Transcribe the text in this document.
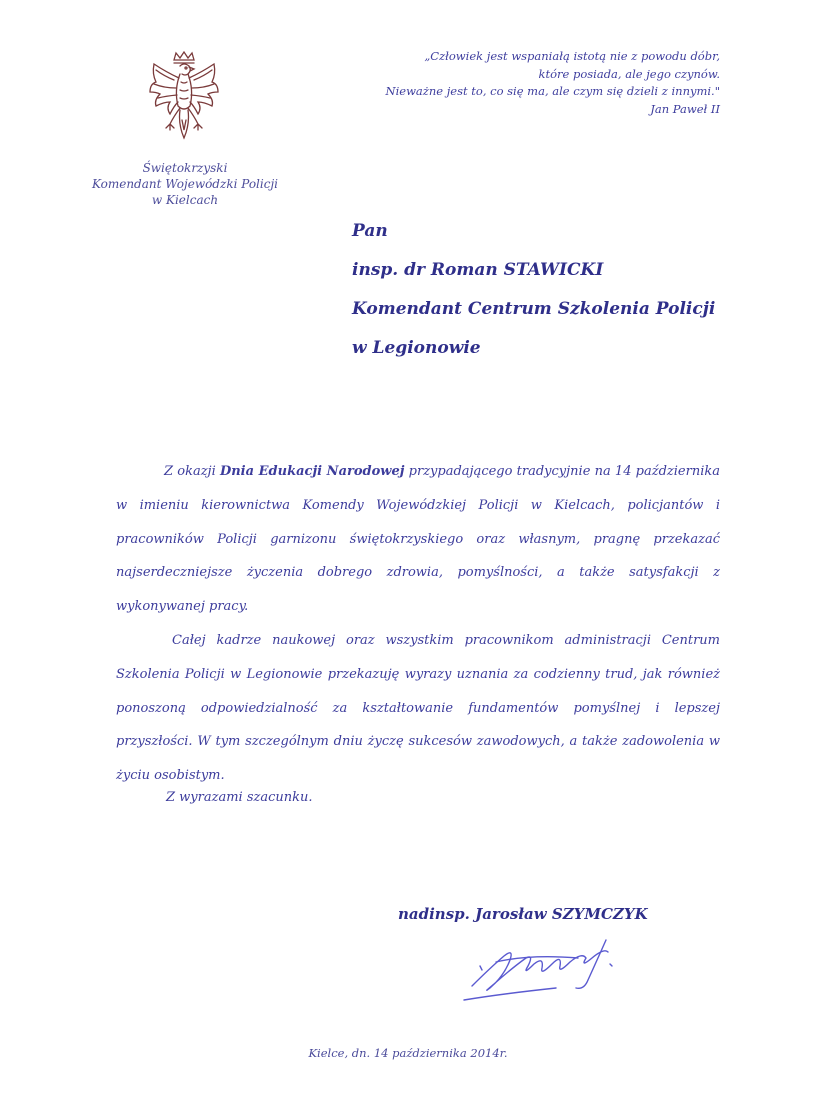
Świętokrzyski
Komendant Wojewódzki Policji
w Kielcach
„Człowiek jest wspaniałą istotą nie z powodu dóbr,
które posiada, ale jego czynów.
Nieważne jest to, co się ma, ale czym się dzieli z innymi."
Jan Paweł II
Pan
insp. dr Roman STAWICKI
Komendant Centrum Szkolenia Policji
w Legionowie

Z okazji Dnia Edukacji Narodowej przypadającego tradycyjnie na 14 października w imieniu kierownictwa Komendy Wojewódzkiej Policji w Kielcach, policjantów i pracowników Policji garnizonu świętokrzyskiego oraz własnym, pragnę przekazać najserdeczniejsze życzenia dobrego zdrowia, pomyślności, a także satysfakcji z wykonywanej pracy.

Całej kadrze naukowej oraz wszystkim pracownikom administracji Centrum Szkolenia Policji w Legionowie przekazuję wyrazy uznania za codzienny trud, jak również ponoszoną odpowiedzialność za kształtowanie fundamentów pomyślnej i lepszej przyszłości. W tym szczególnym dniu życzę sukcesów zawodowych, a także zadowolenia w życiu osobistym.

Z wyrazami szacunku.
nadinsp. Jarosław SZYMCZYK
Kielce, dn. 14 października 2014r.
